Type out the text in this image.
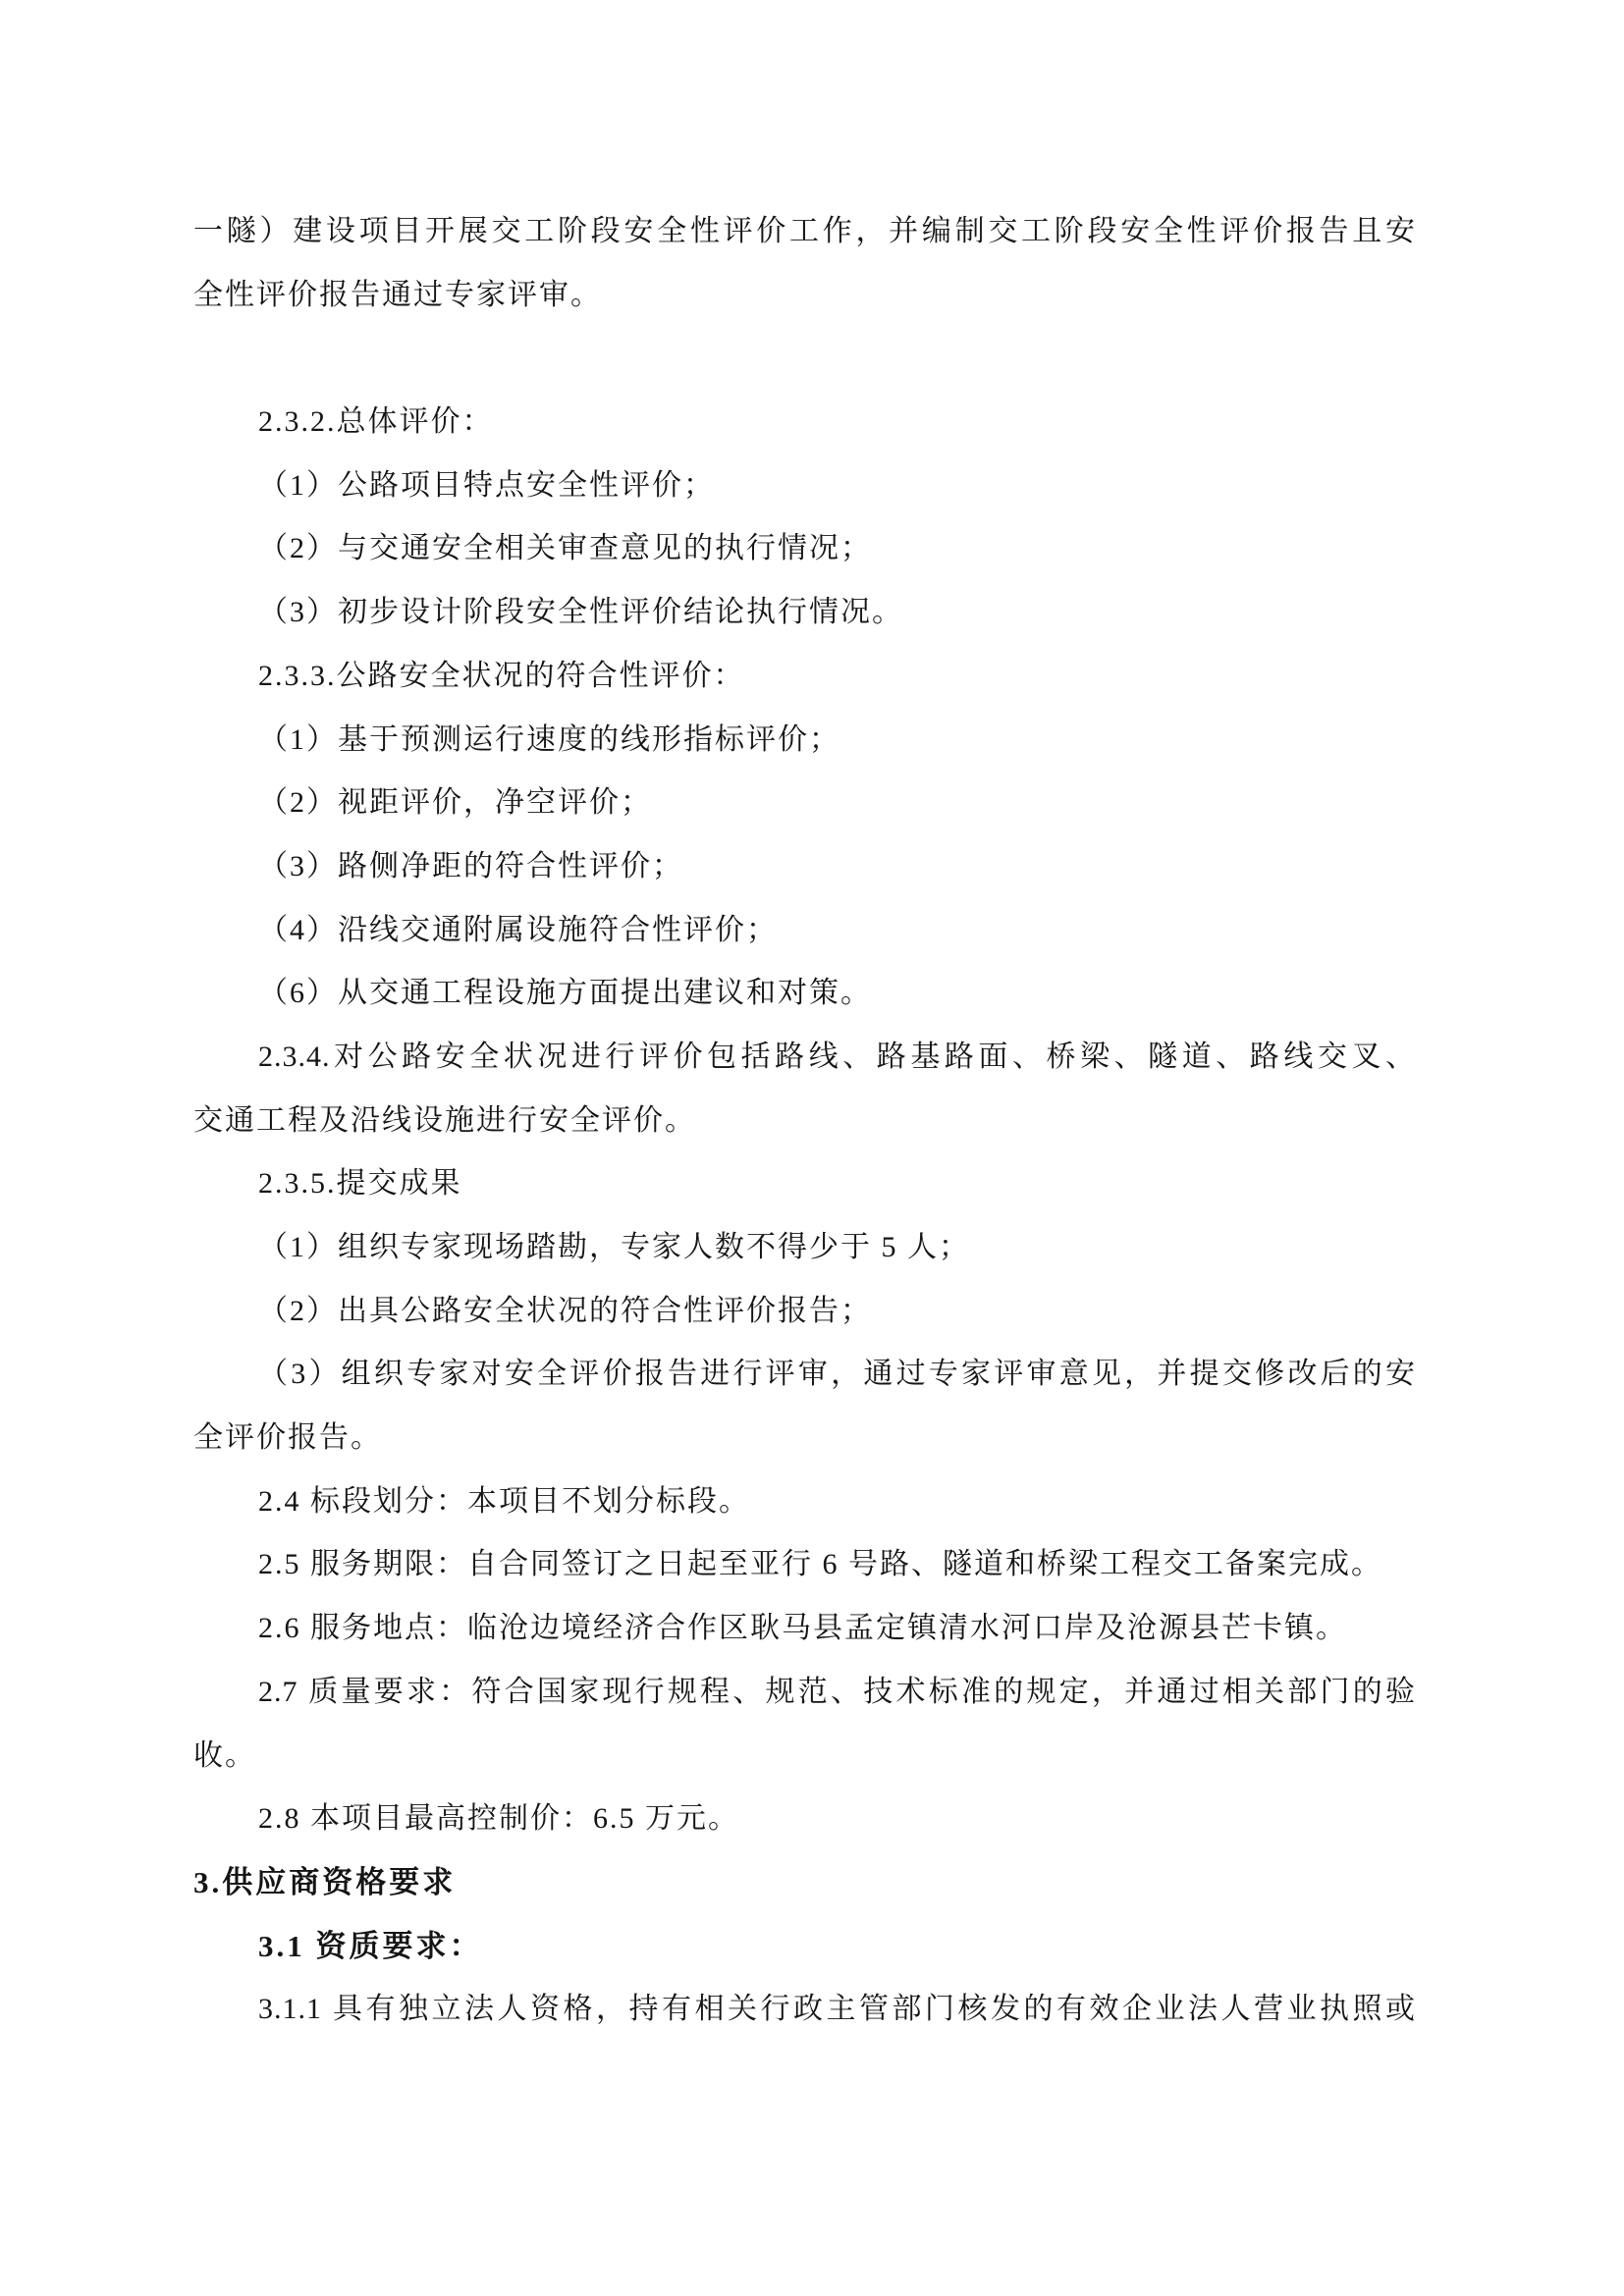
一隧）建设项目开展交工阶段安全性评价工作，并编制交工阶段安全性评价报告且安
全性评价报告通过专家评审。
2.3.2.总体评价：
（1）公路项目特点安全性评价；
（2）与交通安全相关审查意见的执行情况；
（3）初步设计阶段安全性评价结论执行情况。
2.3.3.公路安全状况的符合性评价：
（1）基于预测运行速度的线形指标评价；
（2）视距评价，净空评价；
（3）路侧净距的符合性评价；
（4）沿线交通附属设施符合性评价；
（6）从交通工程设施方面提出建议和对策。
2.3.4.对公路安全状况进行评价包括路线、路基路面、桥梁、隧道、路线交叉、
交通工程及沿线设施进行安全评价。
2.3.5.提交成果
（1）组织专家现场踏勘，专家人数不得少于 5 人；
（2）出具公路安全状况的符合性评价报告；
（3）组织专家对安全评价报告进行评审，通过专家评审意见，并提交修改后的安
全评价报告。
2.4 标段划分：本项目不划分标段。
2.5 服务期限：自合同签订之日起至亚行 6 号路、隧道和桥梁工程交工备案完成。
2.6 服务地点：临沧边境经济合作区耿马县孟定镇清水河口岸及沧源县芒卡镇。
2.7 质量要求：符合国家现行规程、规范、技术标准的规定，并通过相关部门的验
收。
2.8 本项目最高控制价：6.5 万元。
3.供应商资格要求
3.1 资质要求：
3.1.1 具有独立法人资格，持有相关行政主管部门核发的有效企业法人营业执照或
